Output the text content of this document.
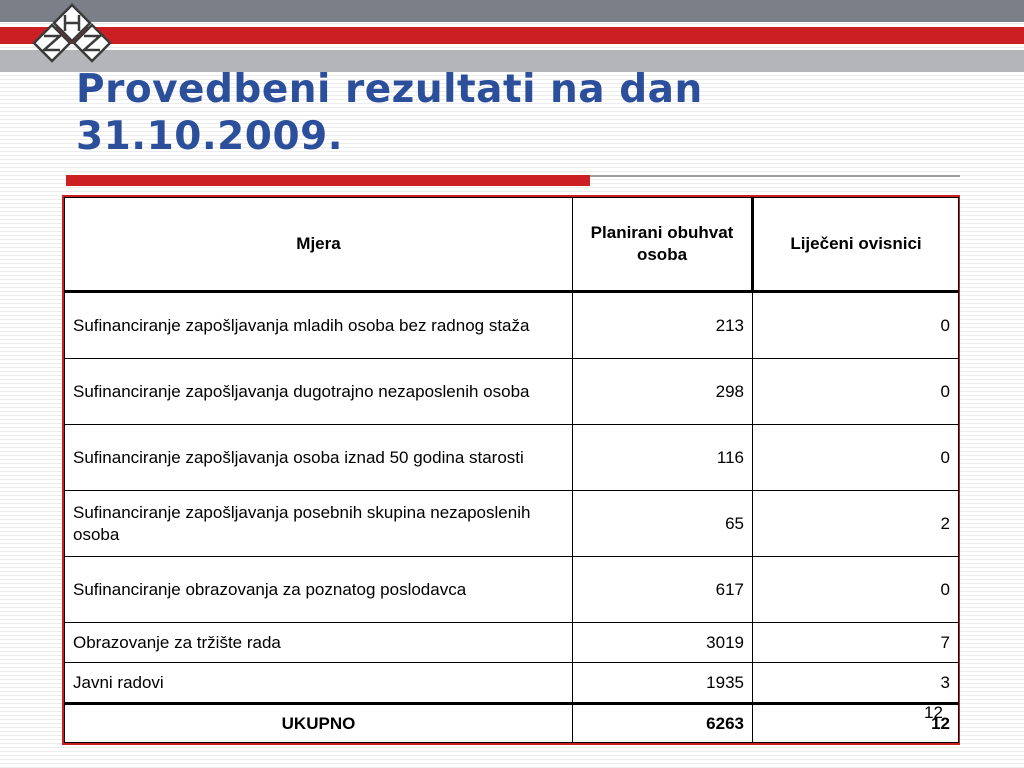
Provedbeni rezultati na dan
31.10.2009.
Mjera	Planirani obuhvat osoba	Liječeni ovisnici
Sufinanciranje zapošljavanja mladih osoba bez radnog staža	213	0
Sufinanciranje zapošljavanja dugotrajno nezaposlenih osoba	298	0
Sufinanciranje zapošljavanja osoba iznad 50 godina starosti	116	0
Sufinanciranje zapošljavanja posebnih skupina nezaposlenih osoba	65	2
Sufinanciranje obrazovanja za poznatog poslodavca	617	0
Obrazovanje za tržište rada	3019	7
Javni radovi	1935	3
UKUPNO	6263	12
12
